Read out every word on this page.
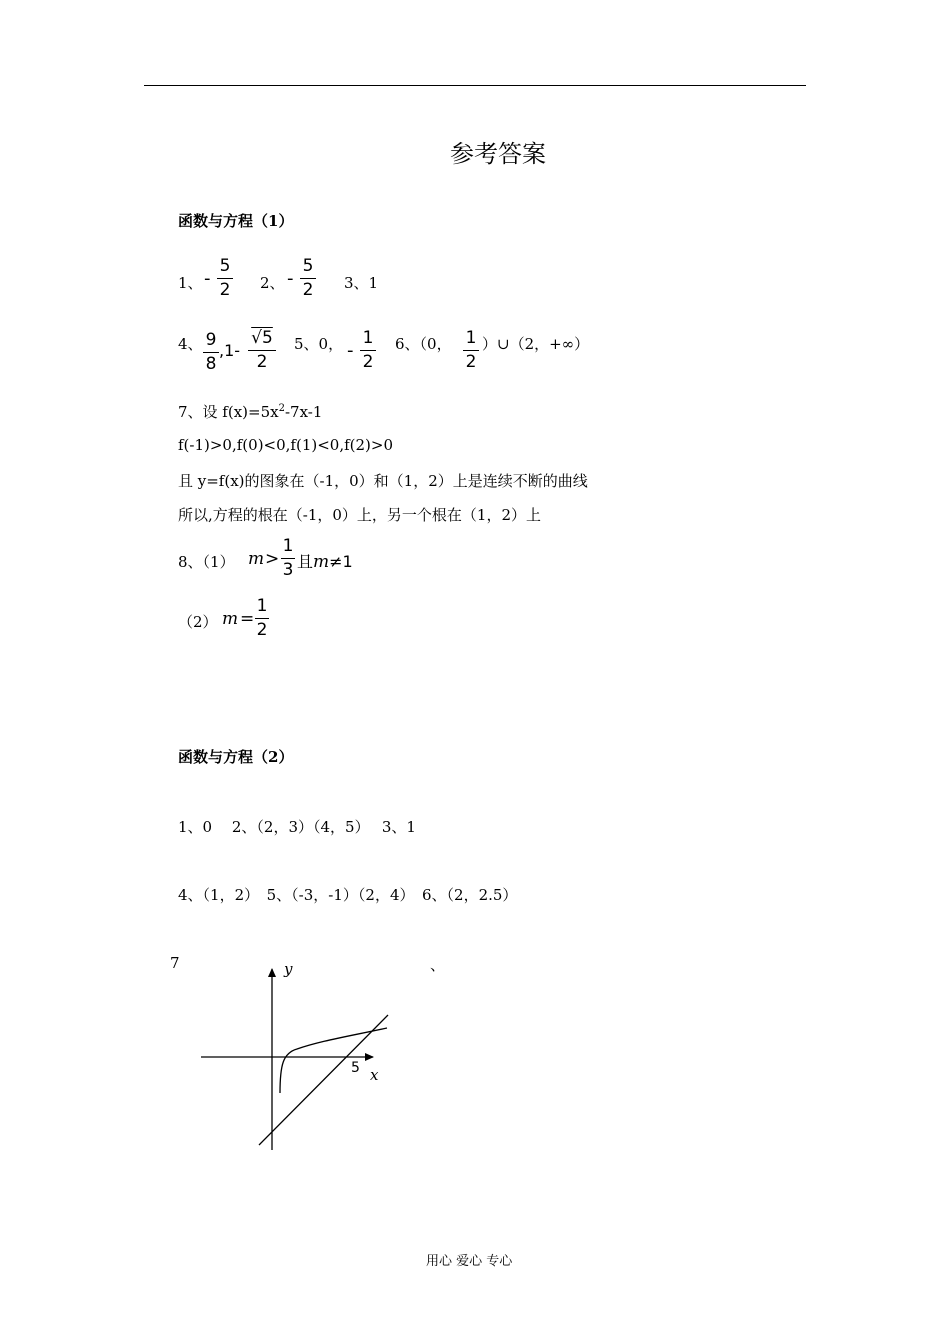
参考答案
函数与方程（1）
1、 -
5
2 2、 -
5
2 3、1
4、 9
8
,1-
√5
2
5、0， -
1
2
6、（0， 1
2
）∪（2，+∞）
7、设 $f(x)=5x^2-7x-1$
f(-1)>0,f(0)<0,f(1)<0,f(2)>0
且 y=f(x)的图象在（-1，0）和（1，2）上是连续不断的曲线
所以,方程的根在（-1，0）上，另一个根在（1，2）上
8、（1） m >
1
3 且m≠1
（2） m =
1
2
函数与方程（2）
1、0　 2、（2，3）（4，5）　 3、1
4、（1，2）　5、（-3，-1）（2，4）　6、（2，2.5）
7	、
y
x
5
用心 爱心 专心
